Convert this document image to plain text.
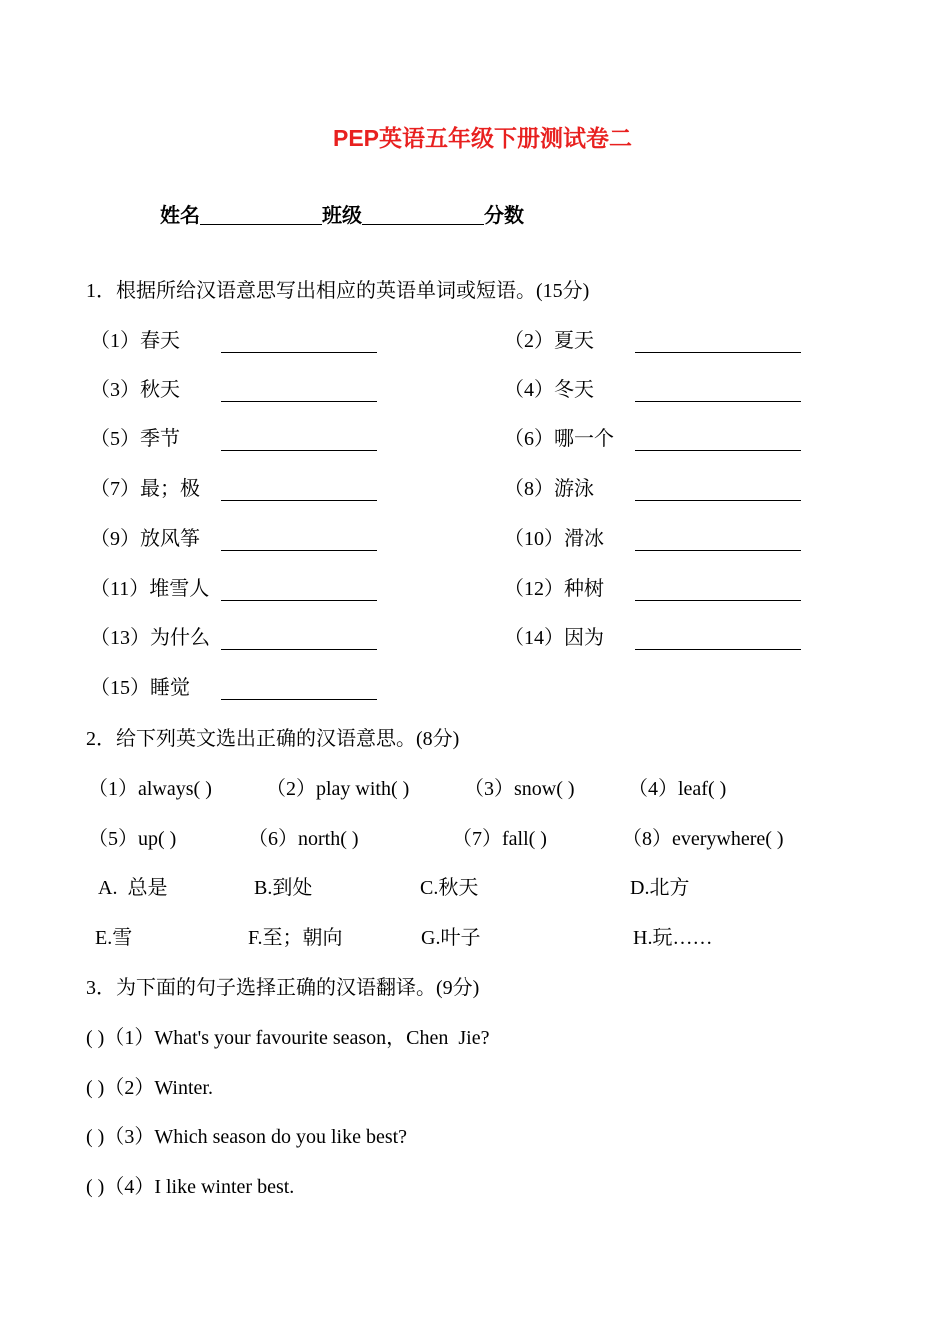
PEP英语五年级下册测试卷二
姓名	班级	分数
1．根据所给汉语意思写出相应的英语单词或短语。(15分)
（1）春天	（2）夏天
（3）秋天	（4）冬天
（5）季节	（6）哪一个
（7）最；极	（8）游泳
（9）放风筝	（10）滑冰
（11）堆雪人	（12）种树
（13）为什么	（14）因为
（15）睡觉
2．给下列英文选出正确的汉语意思。(8分)
（1）always( )	（2）play with( )	（3）snow( )	（4）leaf( )
（5）up( )	（6）north( )	（7）fall( )	（8）everywhere( )
A.  总是	B.到处	C.秋天	D.北方
E.雪	F.至；朝向	G.叶子	H.玩……
3．为下面的句子选择正确的汉语翻译。(9分)
( )（1）What's your favourite season，Chen  Jie?
( )（2）Winter.
( )（3）Which season do you like best?
( )（4）I like winter best.
